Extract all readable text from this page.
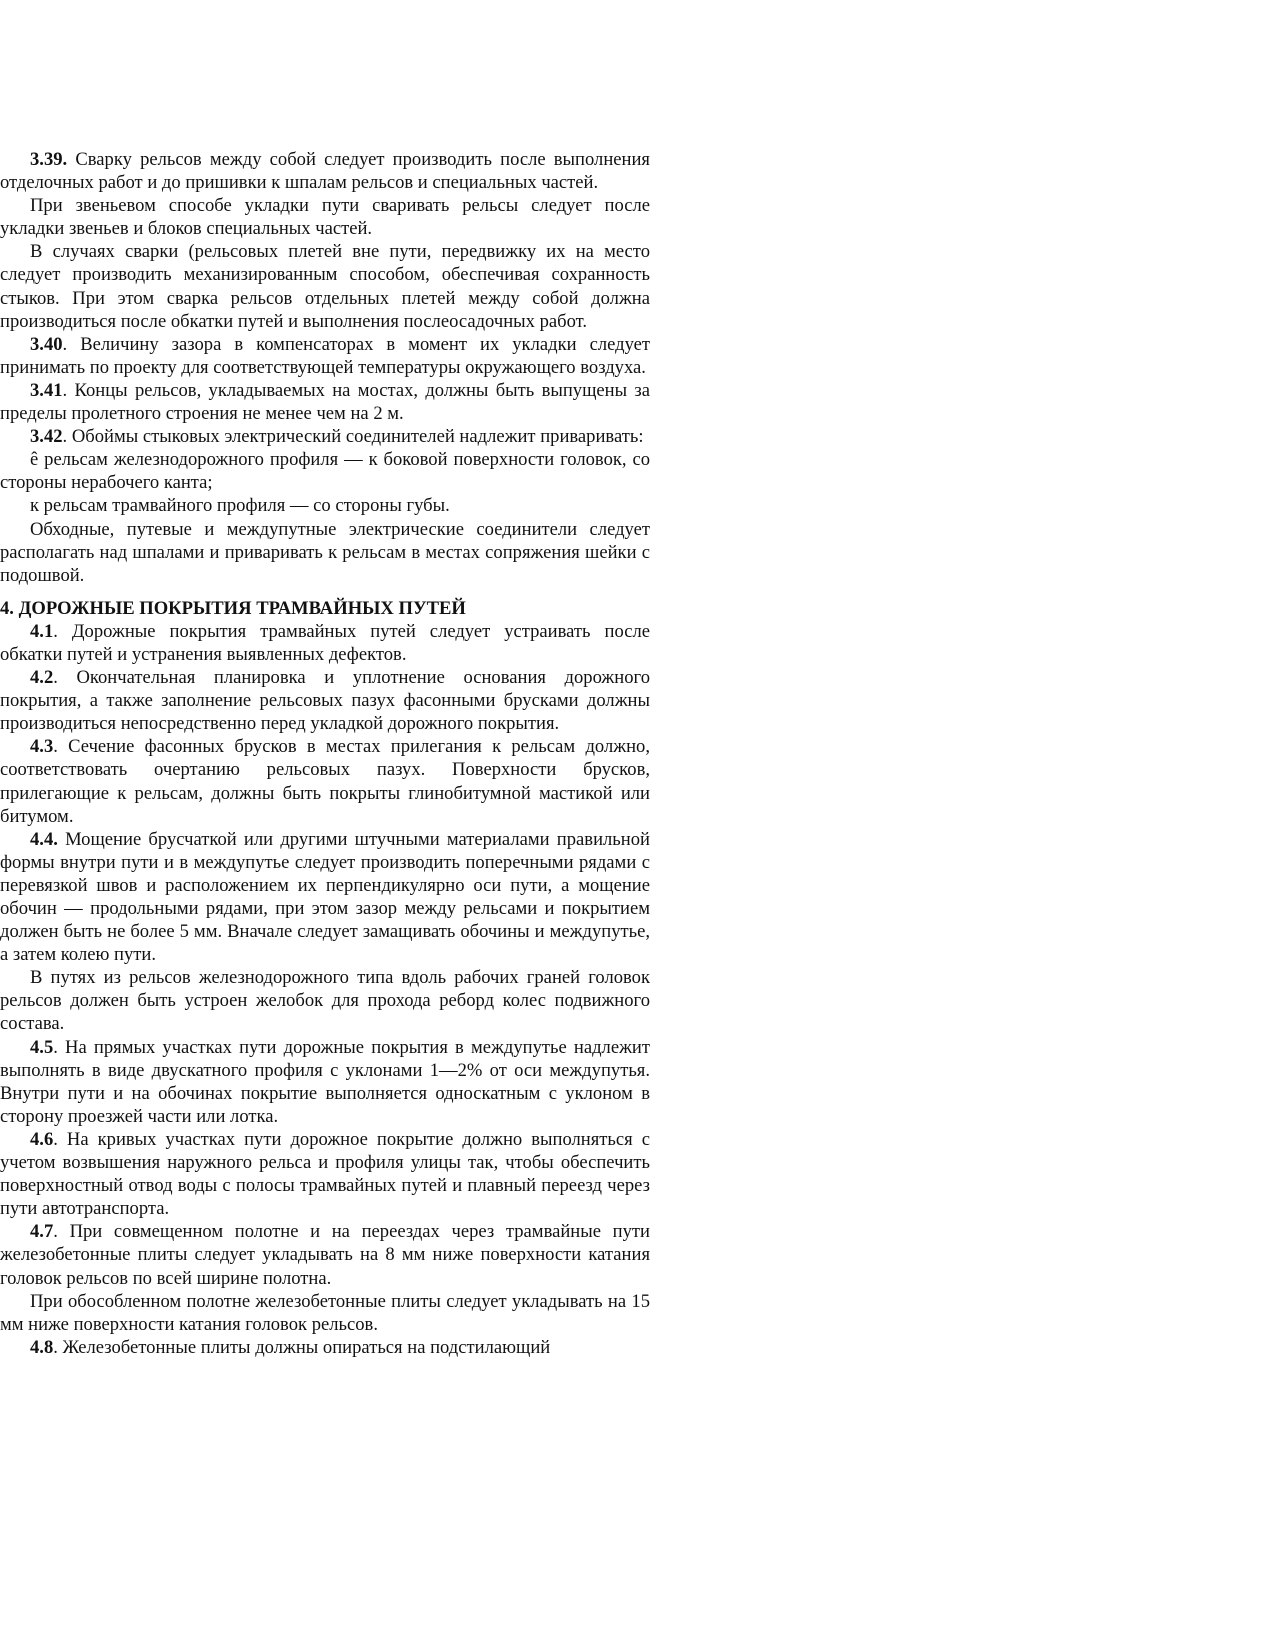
3.39. Сварку рельсов между собой следует производить после выполнения отделочных работ и до пришивки к шпалам рельсов и специальных частей.

При звеньевом способе укладки пути сваривать рельсы следует после укладки звеньев и блоков специальных частей.

В случаях сварки (рельсовых плетей вне пути, передвижку их на место следует производить механизированным способом, обеспечивая сохранность стыков. При этом сварка рельсов отдельных плетей между собой должна производиться после обкатки путей и выполнения послеосадочных работ.

3.40. Величину зазора в компенсаторах в момент их укладки следует принимать по проекту для соответствующей температуры окружающего воздуха.

3.41. Концы рельсов, укладываемых на мостах, должны быть выпущены за пределы пролетного строения не менее чем на 2 м.

3.42. Обоймы стыковых электрический соединителей надлежит приваривать:

ê рельсам железнодорожного профиля — к боковой поверхности головок, со стороны нерабочего канта;

к рельсам трамвайного профиля — со стороны губы.

Обходные, путевые и междупутные электрические соединители следует располагать над шпалами и приваривать к рельсам в местах сопряжения шейки с подошвой.

4. ДОРОЖНЫЕ ПОКРЫТИЯ ТРАМВАЙНЫХ ПУТЕЙ

4.1. Дорожные покрытия трамвайных путей следует устраивать после обкатки путей и устранения выявленных дефектов.

4.2. Окончательная планировка и уплотнение основания дорожного покрытия, а также заполнение рельсовых пазух фасонными брусками должны производиться непосредственно перед укладкой дорожного покрытия.

4.3. Сечение фасонных брусков в местах прилегания к рельсам должно, соответствовать очертанию рельсовых пазух. Поверхности брусков, прилегающие к рельсам, должны быть покрыты глинобитумной мастикой или битумом.

4.4. Мощение брусчаткой или другими штучными материалами правильной формы внутри пути и в междупутье следует производить поперечными рядами с перевязкой швов и расположением их перпендикулярно оси пути, а мощение обочин — продольными рядами, при этом зазор между рельсами и покрытием должен быть не более 5 мм. Вначале следует замащивать обочины и междупутье, а затем колею пути.

В путях из рельсов железнодорожного типа вдоль рабочих граней головок рельсов должен быть устроен желобок для прохода реборд колес подвижного состава.

4.5. На прямых участках пути дорожные покрытия в междупутье надлежит выполнять в виде двускатного профиля с уклонами 1—2% от оси междупутья. Внутри пути и на обочинах покрытие выполняется односкатным с уклоном в сторону проезжей части или лотка.

4.6. На кривых участках пути дорожное покрытие должно выполняться с учетом возвышения наружного рельса и профиля улицы так, чтобы обеспечить поверхностный отвод воды с полосы трамвайных путей и плавный переезд через пути автотранспорта.

4.7. При совмещенном полотне и на переездах через трамвайные пути железобетонные плиты следует укладывать на 8 мм ниже поверхности катания головок рельсов по всей ширине полотна.

При обособленном полотне железобетонные плиты следует укладывать на 15 мм ниже поверхности катания головок рельсов.

4.8. Железобетонные плиты должны опираться на подстилающий
